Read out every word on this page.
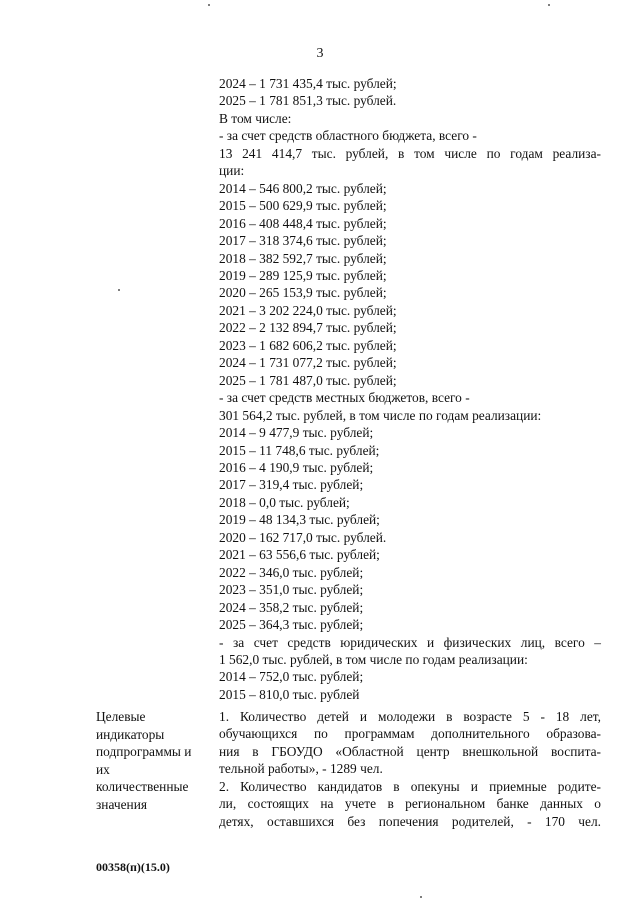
3
2024 – 1 731 435,4 тыс. рублей;
2025 – 1 781 851,3 тыс. рублей.
В том числе:
- за счет средств областного бюджета, всего -
13 241 414,7 тыс. рублей, в том числе по годам реализа-
ции:
2014 – 546 800,2 тыс. рублей;
2015 – 500 629,9 тыс. рублей;
2016 – 408 448,4 тыс. рублей;
2017 – 318 374,6 тыс. рублей;
2018 – 382 592,7 тыс. рублей;
2019 – 289 125,9 тыс. рублей;
2020 – 265 153,9 тыс. рублей;
2021 – 3 202 224,0 тыс. рублей;
2022 – 2 132 894,7 тыс. рублей;
2023 – 1 682 606,2 тыс. рублей;
2024 – 1 731 077,2 тыс. рублей;
2025 – 1 781 487,0 тыс. рублей;
- за счет средств местных бюджетов, всего -
301 564,2 тыс. рублей, в том числе по годам реализации:
2014 – 9 477,9 тыс. рублей;
2015 – 11 748,6 тыс. рублей;
2016 – 4 190,9 тыс. рублей;
2017 – 319,4 тыс. рублей;
2018 – 0,0 тыс. рублей;
2019 – 48 134,3 тыс. рублей;
2020 – 162 717,0 тыс. рублей.
2021 – 63 556,6 тыс. рублей;
2022 – 346,0 тыс. рублей;
2023 – 351,0 тыс. рублей;
2024 – 358,2 тыс. рублей;
2025 – 364,3 тыс. рублей;
- за счет средств юридических и физических лиц, всего –
1 562,0 тыс. рублей, в том числе по годам реализации:
2014 – 752,0 тыс. рублей;
2015 – 810,0 тыс. рублей
Целевые
индикаторы
подпрограммы и
их
количественные
значения
1. Количество детей и молодежи в возрасте 5 - 18 лет,
обучающихся по программам дополнительного образова-
ния в ГБОУДО «Областной центр внешкольной воспита-
тельной работы», - 1289 чел.
2. Количество кандидатов в опекуны и приемные родите-
ли, состоящих на учете в региональном банке данных о
детях, оставшихся без попечения родителей, - 170 чел.
00358(п)(15.0)
